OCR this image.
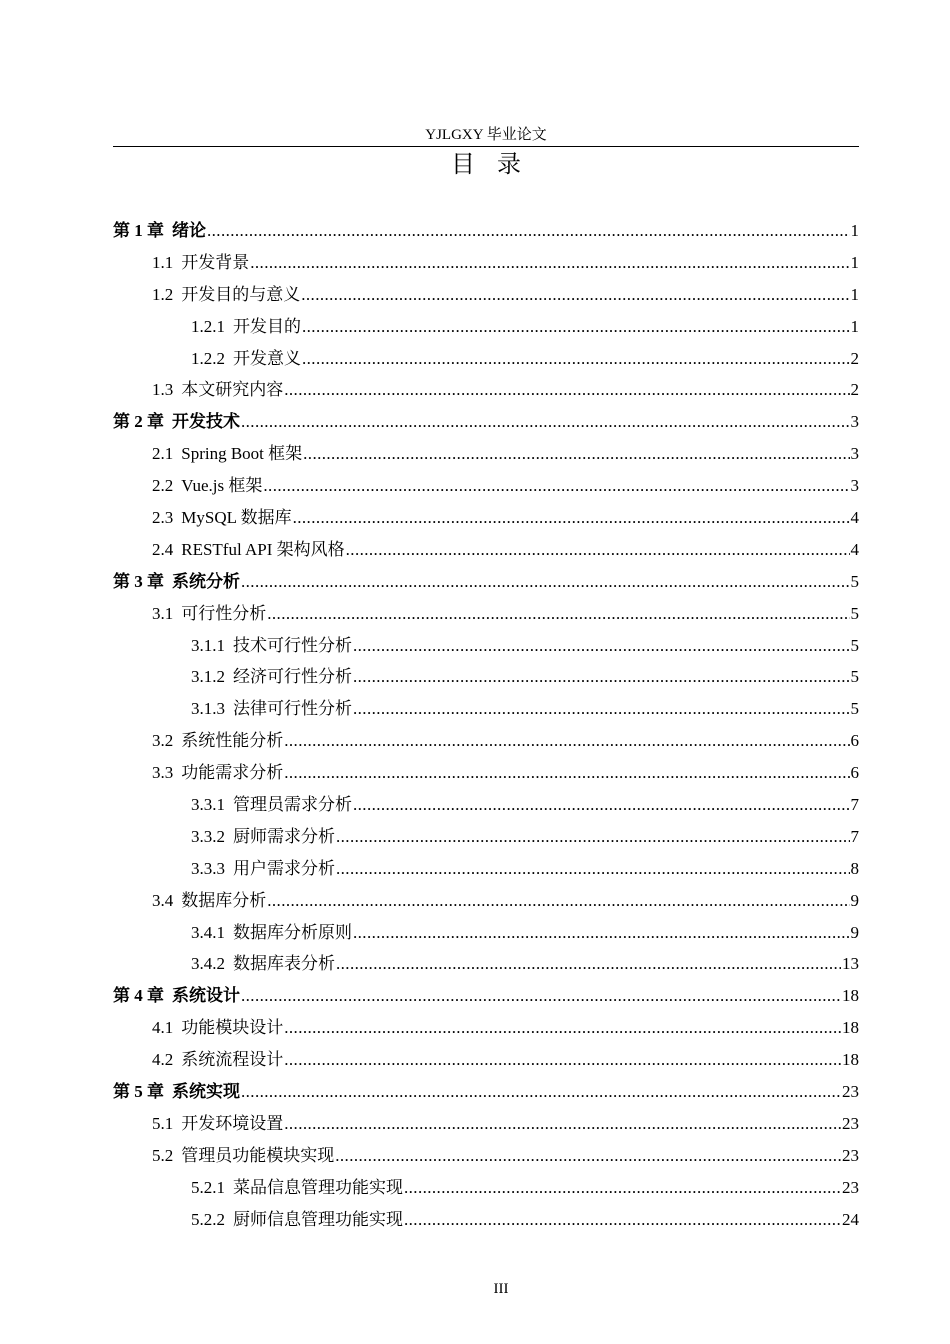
YJLGXY 毕业论文
目录
第 1 章 绪论 .....	1
1.1 开发背景 .....	1
1.2 开发目的与意义 .....	1
1.2.1 开发目的 .....	1
1.2.2 开发意义 .....	2
1.3 本文研究内容 .....	2
第 2 章 开发技术 .....	3
2.1 Spring Boot 框架 .....	3
2.2 Vue.js 框架 .....	3
2.3 MySQL 数据库 .....	4
2.4 RESTful API 架构风格 .....	4
第 3 章 系统分析 .....	5
3.1 可行性分析 .....	5
3.1.1 技术可行性分析 .....	5
3.1.2 经济可行性分析 .....	5
3.1.3 法律可行性分析 .....	5
3.2 系统性能分析 .....	6
3.3 功能需求分析 .....	6
3.3.1 管理员需求分析 .....	7
3.3.2 厨师需求分析 .....	7
3.3.3 用户需求分析 .....	8
3.4 数据库分析 .....	9
3.4.1 数据库分析原则 .....	9
3.4.2 数据库表分析 .....	13
第 4 章 系统设计 .....	18
4.1 功能模块设计 .....	18
4.2 系统流程设计 .....	18
第 5 章 系统实现 .....	23
5.1 开发环境设置 .....	23
5.2 管理员功能模块实现 .....	23
5.2.1 菜品信息管理功能实现 .....	23
5.2.2 厨师信息管理功能实现 .....	24
III
